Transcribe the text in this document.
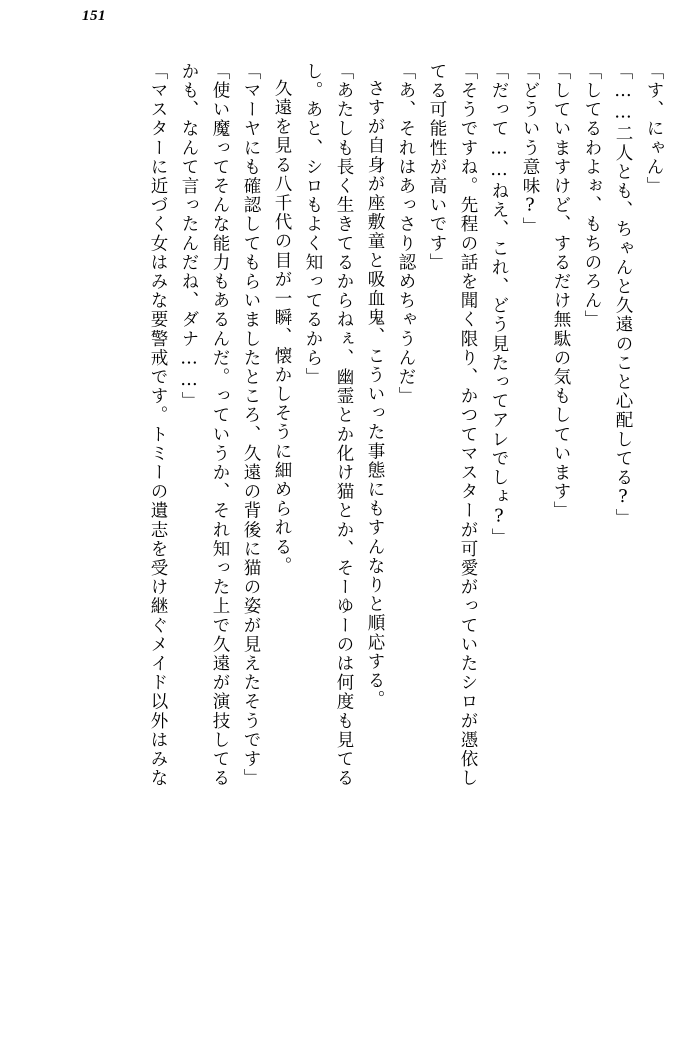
151
「す、にゃん」
「……二人とも、ちゃんと久遠のこと心配してる?」
「してるわよぉ、もちのろん」
「していますけど、するだけ無駄の気もしています」
「どういう意味?」
「だって……ねえ、これ、どう見たってアレでしょ?」
「そうですね。先程の話を聞く限り、かつてマスターが可愛がっていたシロが憑依し
てる可能性が高いです」
「あ、それはあっさり認めちゃうんだ」
さすが自身が座敷童と吸血鬼、こういった事態にもすんなりと順応する。
「あたしも長く生きてるからねぇ、幽霊とか化け猫とか、そーゆーのは何度も見てる
し。あと、シロもよく知ってるから」
久遠を見る八千代の目が一瞬、懐かしそうに細められる。
「マーヤにも確認してもらいましたところ、久遠の背後に猫の姿が見えたそうです」
「使い魔ってそんな能力もあるんだ。っていうか、それ知った上で久遠が演技してる
かも、なんて言ったんだね、ダナ……」
「マスターに近づく女はみな要警戒です。トミーの遺志を受け継ぐメイド以外はみな
